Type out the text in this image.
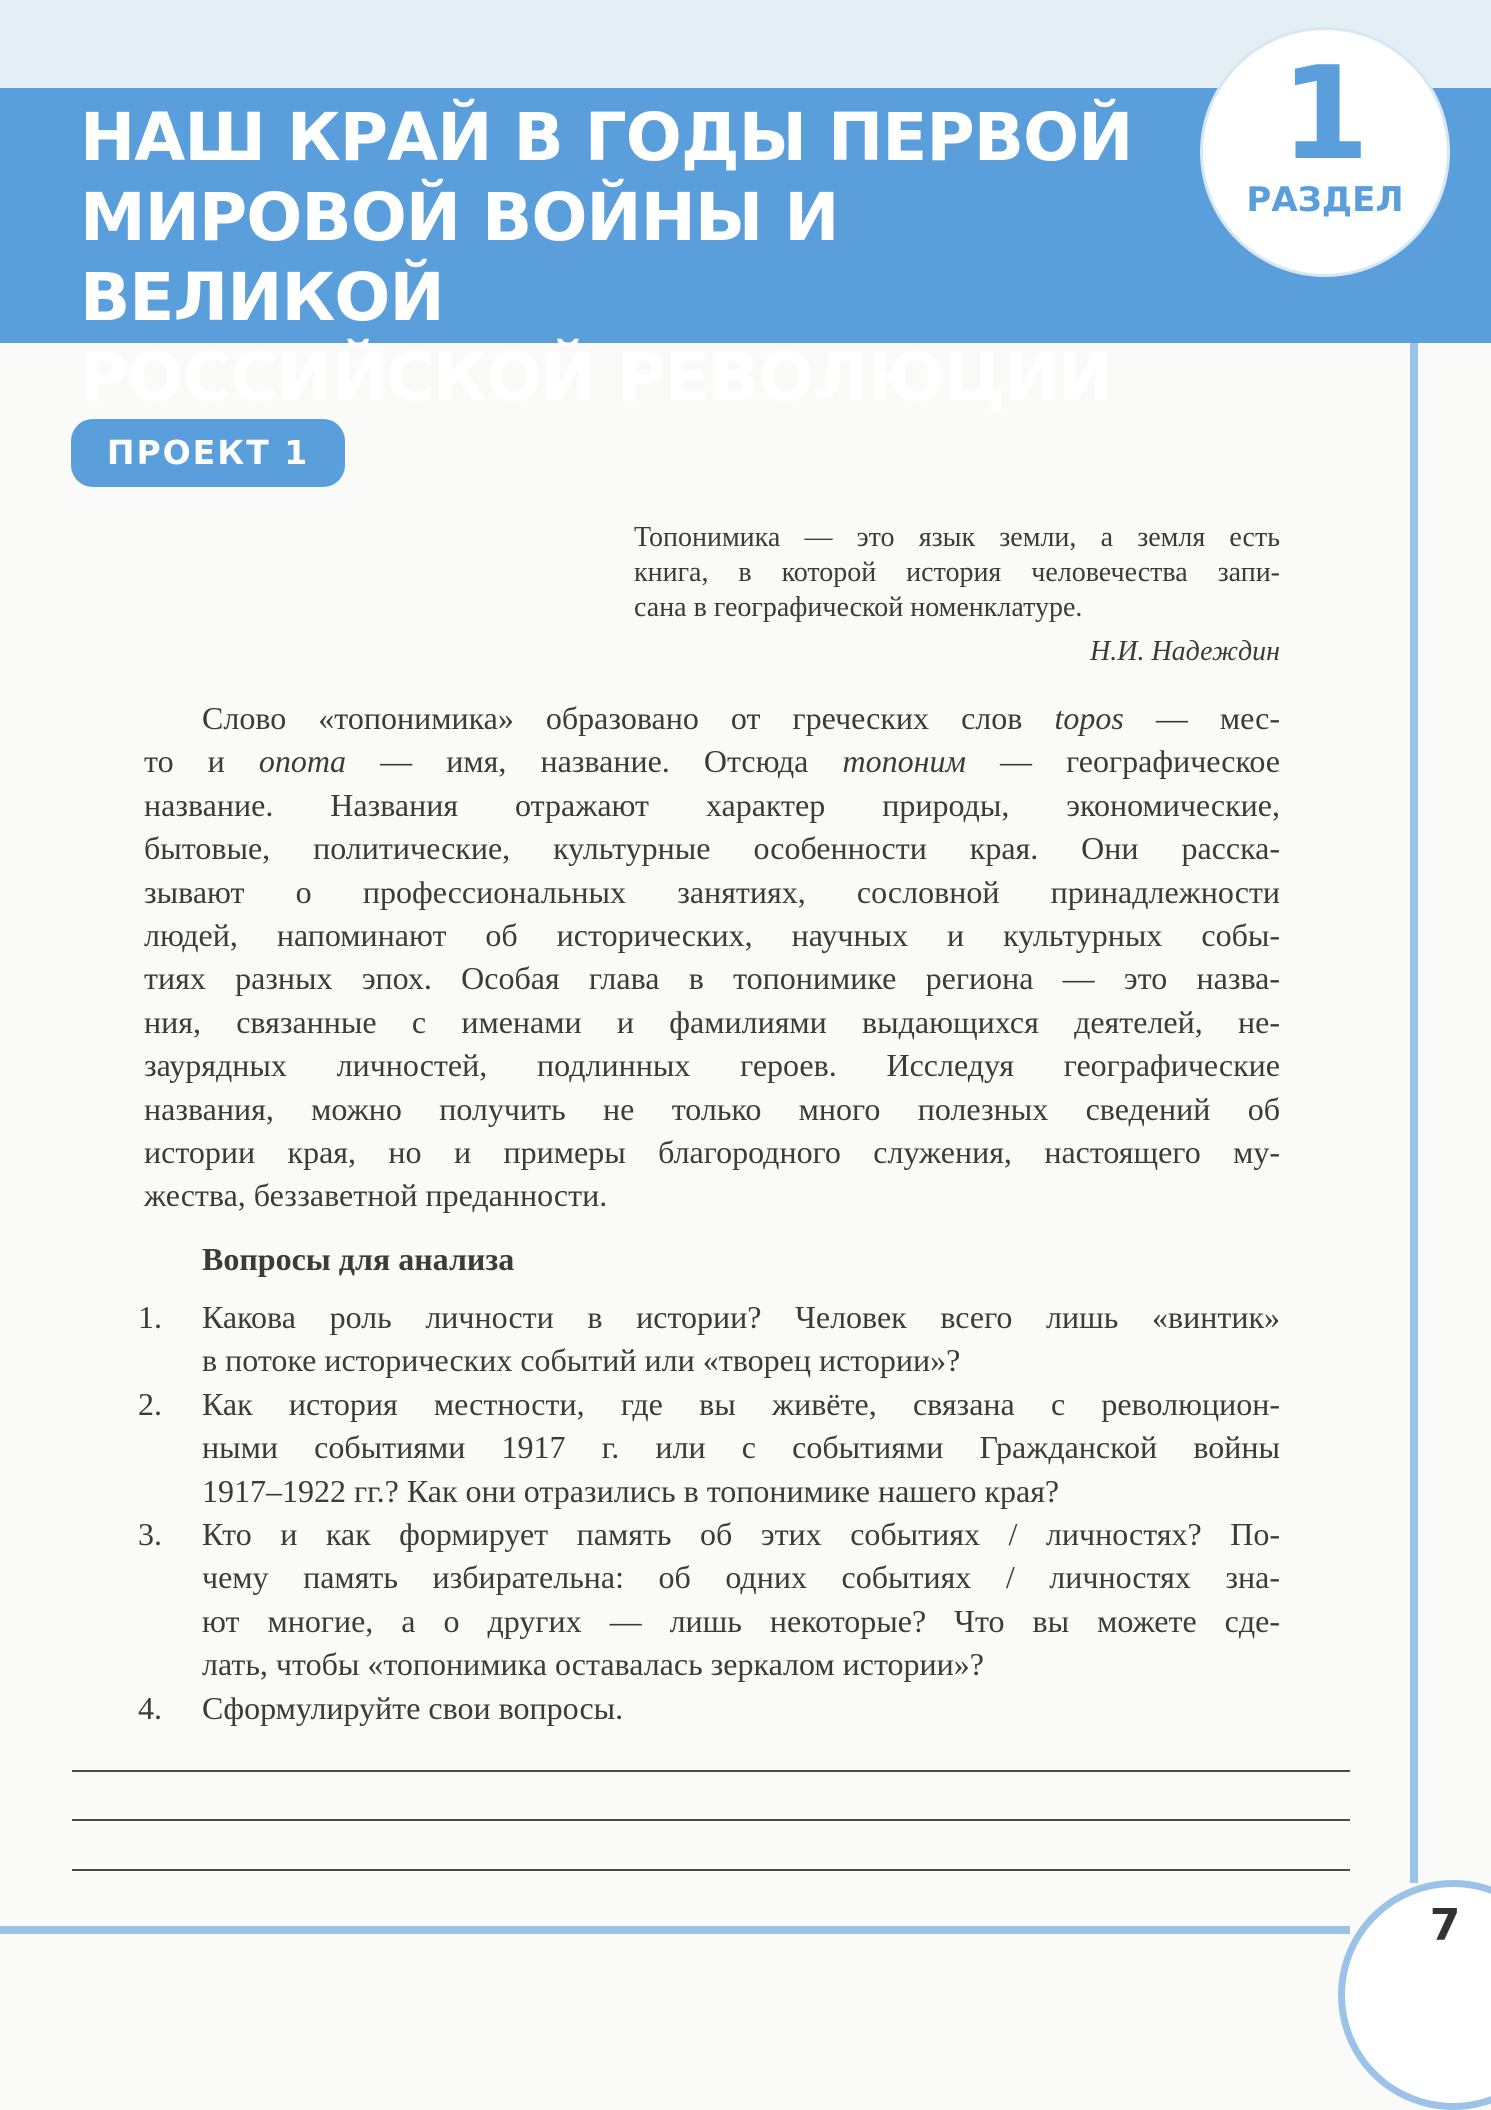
НАШ КРАЙ В ГОДЫ ПЕРВОЙ
МИРОВОЙ ВОЙНЫ И ВЕЛИКОЙ
РОССИЙСКОЙ РЕВОЛЮЦИИ
1
РАЗДЕЛ
7
ПРОЕКТ 1

Топонимика — это язык земли, а земля есть
книга, в которой история человечества запи-
сана в географической номенклатуре.

Н.И. Надеждин

Слово «топонимика» образовано от греческих слов topos — мес-
то и onoma — имя, название. Отсюда топоним — географическое
название. Названия отражают характер природы, экономические,
бытовые, политические, культурные особенности края. Они расска-
зывают о профессиональных занятиях, сословной принадлежности
людей, напоминают об исторических, научных и культурных собы-
тиях разных эпох. Особая глава в топонимике региона — это назва-
ния, связанные с именами и фамилиями выдающихся деятелей, не-
заурядных личностей, подлинных героев. Исследуя географические
названия, можно получить не только много полезных сведений об
истории края, но и примеры благородного служения, настоящего му-
жества, беззаветной преданности.

Вопросы для анализа
1. Какова роль личности в истории? Человек всего лишь «винтик»
в потоке исторических событий или «творец истории»?
2. Как история местности, где вы живёте, связана с революцион-
ными событиями 1917 г. или с событиями Гражданской войны
1917–1922 гг.? Как они отразились в топонимике нашего края?
3. Кто и как формирует память об этих событиях / личностях? По-
чему память избирательна: об одних событиях / личностях зна-
ют многие, а о других — лишь некоторые? Что вы можете сде-
лать, чтобы «топонимика оставалась зеркалом истории»?
4. Сформулируйте свои вопросы.
